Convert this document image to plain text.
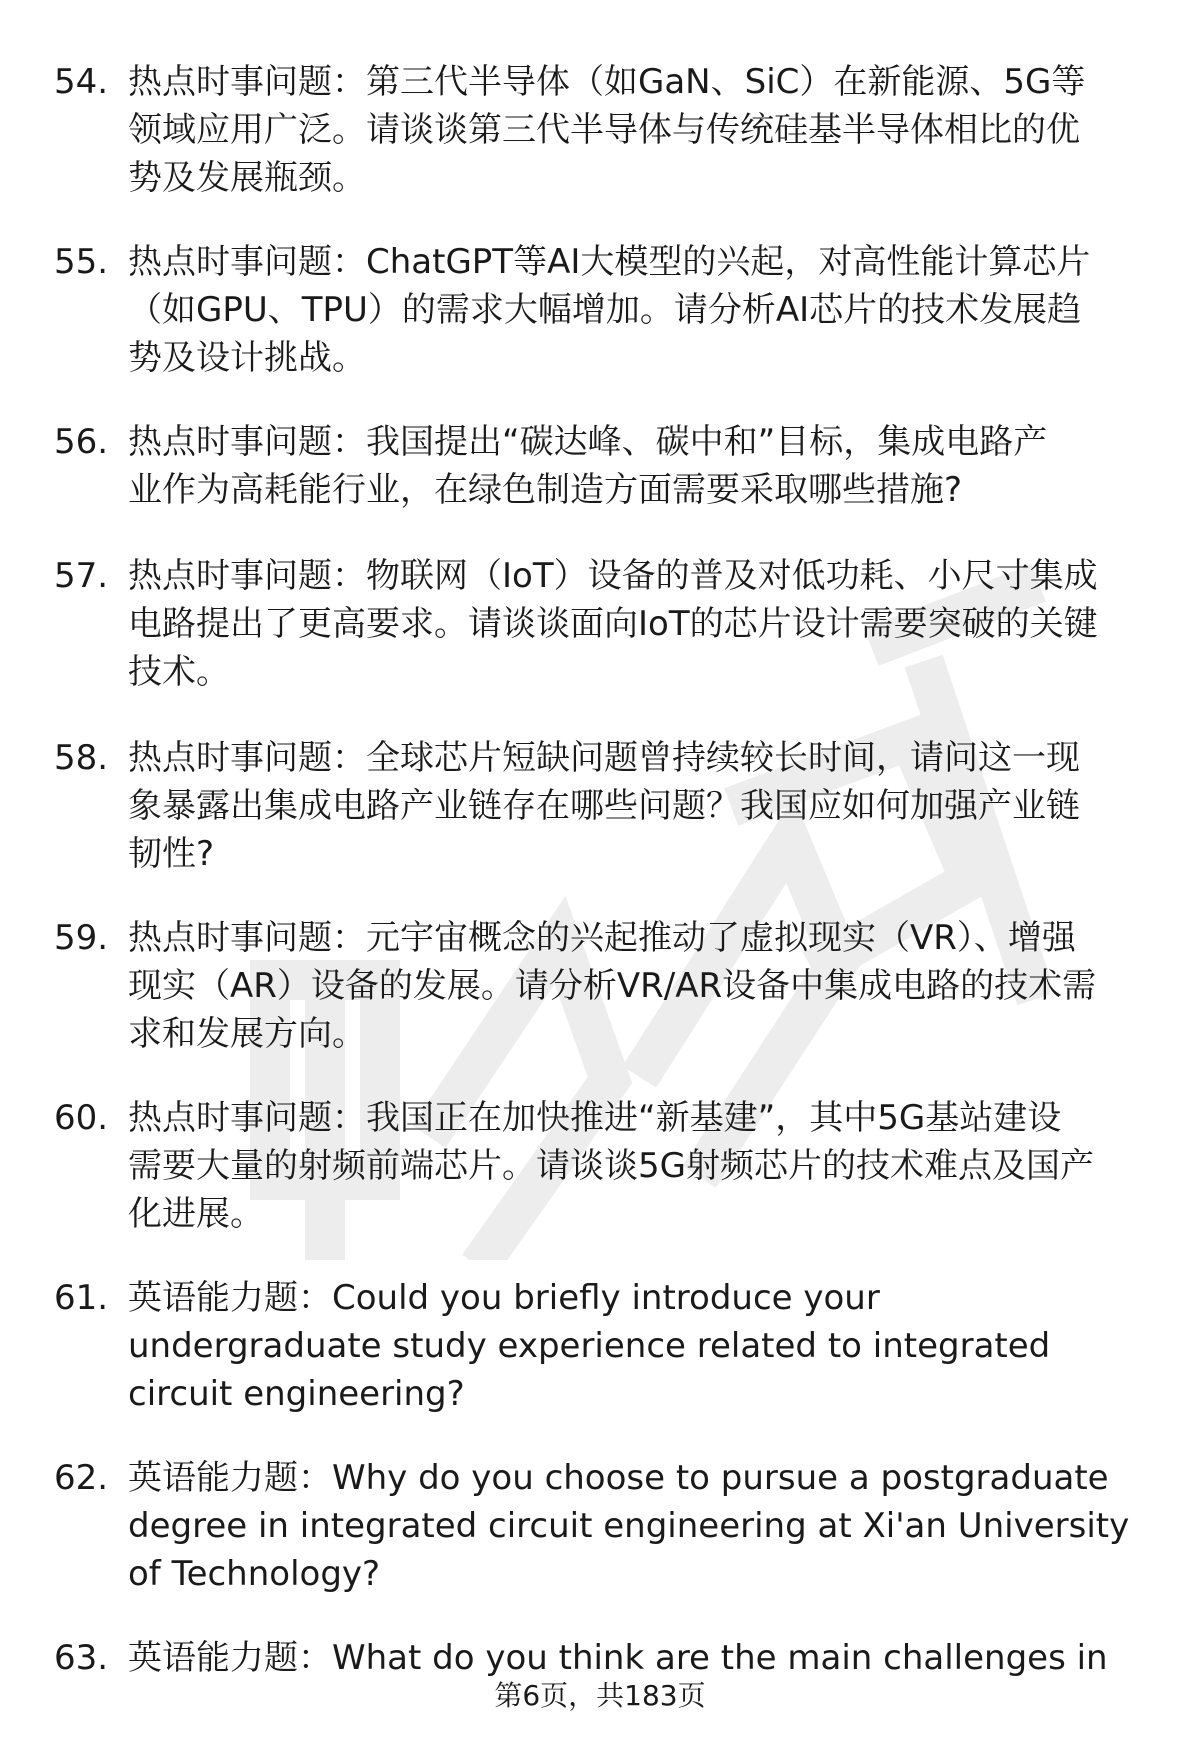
54. 热点时事问题：第三代半导体（如GaN、SiC）在新能源、5G等
领域应用广泛。请谈谈第三代半导体与传统硅基半导体相比的优
势及发展瓶颈。
55. 热点时事问题：ChatGPT等AI大模型的兴起，对高性能计算芯片
（如GPU、TPU）的需求大幅增加。请分析AI芯片的技术发展趋
势及设计挑战。
56. 热点时事问题：我国提出“碳达峰、碳中和”目标，集成电路产
业作为高耗能行业，在绿色制造方面需要采取哪些措施?
57. 热点时事问题：物联网（IoT）设备的普及对低功耗、小尺寸集成
电路提出了更高要求。请谈谈面向IoT的芯片设计需要突破的关键
技术。
58. 热点时事问题：全球芯片短缺问题曾持续较长时间，请问这一现
象暴露出集成电路产业链存在哪些问题？我国应如何加强产业链
韧性?
59. 热点时事问题：元宇宙概念的兴起推动了虚拟现实（VR）、增强
现实（AR）设备的发展。请分析VR/AR设备中集成电路的技术需
求和发展方向。
60. 热点时事问题：我国正在加快推进“新基建”，其中5G基站建设
需要大量的射频前端芯片。请谈谈5G射频芯片的技术难点及国产
化进展。
61. 英语能力题：Could you briefly introduce your
undergraduate study experience related to integrated
circuit engineering?
62. 英语能力题：Why do you choose to pursue a postgraduate
degree in integrated circuit engineering at Xi'an University
of Technology?
63. 英语能力题：What do you think are the main challenges in
第6页，共183页
